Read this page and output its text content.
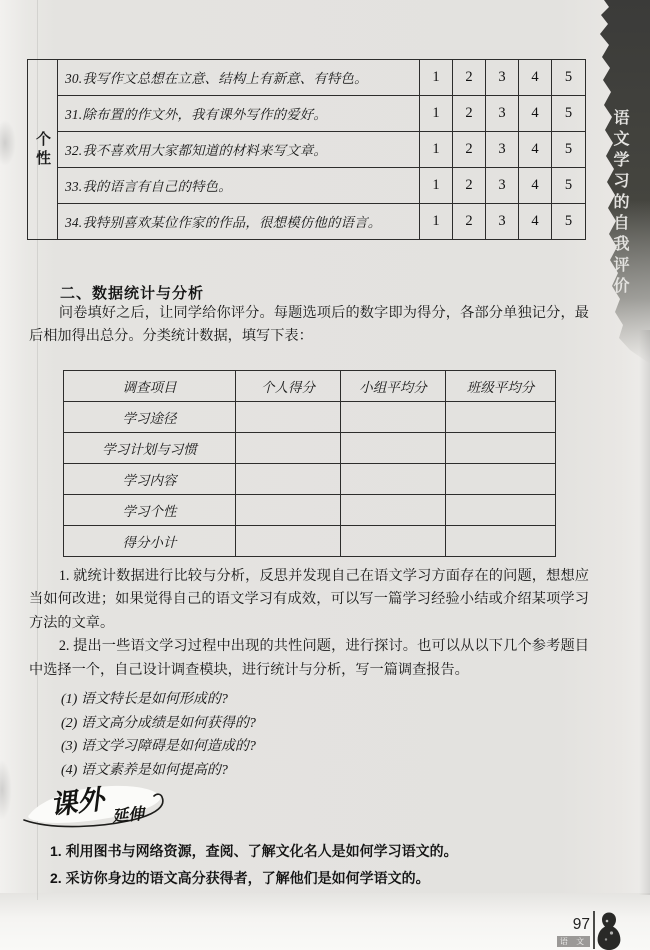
语文学习的自我评价
个性	30.我写作文总想在立意、结构上有新意、有特色。	1	2	3	4	5
	31.除布置的作文外，我有课外写作的爱好。	1	2	3	4	5
	32.我不喜欢用大家都知道的材料来写文章。	1	2	3	4	5
	33.我的语言有自己的特色。	1	2	3	4	5
	34.我特别喜欢某位作家的作品，很想模仿他的语言。	1	2	3	4	5
二、数据统计与分析

问卷填好之后，让同学给你评分。每题选项后的数字即为得分，各部分单独记分，最后相加得出总分。分类统计数据，填写下表：

调查项目	个人得分	小组平均分	班级平均分
学习途径			
学习计划与习惯			
学习内容			
学习个性			
得分小计			

1. 就统计数据进行比较与分析，反思并发现自己在语文学习方面存在的问题，想想应当如何改进；如果觉得自己的语文学习有成效，可以写一篇学习经验小结或介绍某项学习方法的文章。

2. 提出一些语文学习过程中出现的共性问题，进行探讨。也可以从以下几个参考题目中选择一个，自己设计调查模块，进行统计与分析，写一篇调查报告。

(1) 语文特长是如何形成的?
(2) 语文高分成绩是如何获得的?
(3) 语文学习障碍是如何造成的?
(4) 语文素养是如何提高的?
课外 延伸
1. 利用图书与网络资源，查阅、了解文化名人是如何学习语文的。
2. 采访你身边的语文高分获得者，了解他们是如何学语文的。
97
语 文
